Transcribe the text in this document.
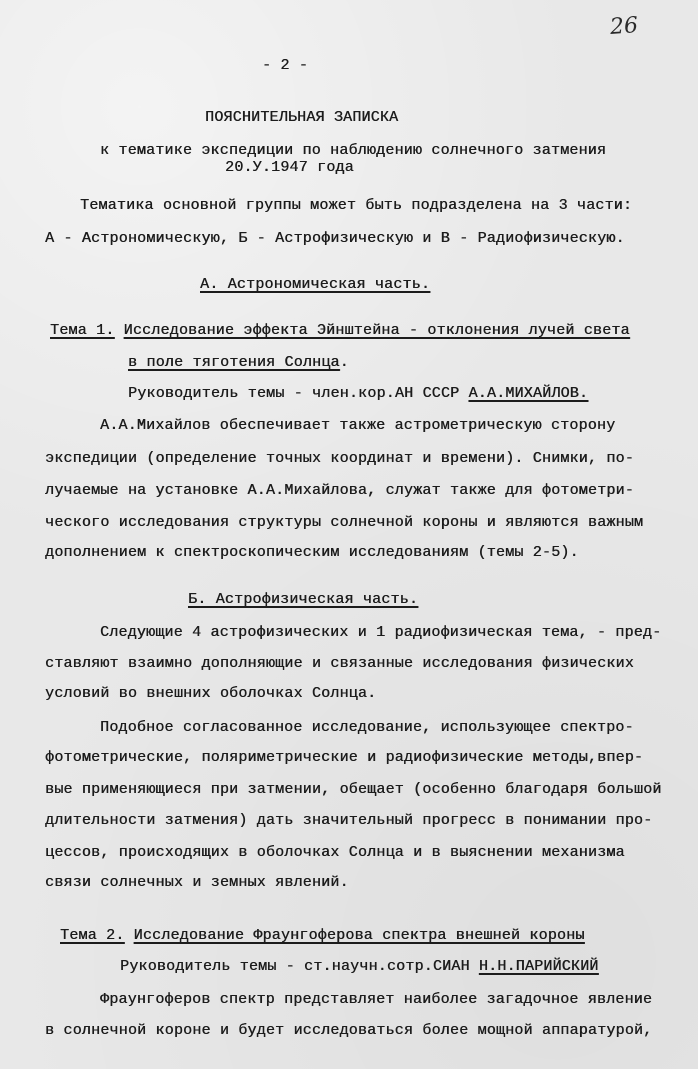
26
- 2 -
ПОЯСНИТЕЛЬНАЯ ЗАПИСКА
к тематике экспедиции по наблюдению солнечного затмения
20.У.1947 года
Тематика основной группы может быть подразделена на 3 части:
А - Астрономическую, Б - Астрофизическую и В - Радиофизическую.
А. Астрономическая часть.
Тема 1. Исследование эффекта Эйнштейна - отклонения лучей света
в поле тяготения Солнца.
Руководитель темы - член.кор.АН СССР А.А.МИХАЙЛОВ.
А.А.Михайлов обеспечивает также астрометрическую сторону
экспедиции (определение точных координат и времени). Снимки, по-
лучаемые на установке А.А.Михайлова, служат также для фотометри-
ческого исследования структуры солнечной короны и являются важным
дополнением к спектроскопическим исследованиям (темы 2-5).
Б. Астрофизическая часть.
Следующие 4 астрофизических и 1 радиофизическая тема, - пред-
ставляют взаимно дополняющие и связанные исследования физических
условий во внешних оболочках Солнца.
Подобное согласованное исследование, использующее спектро-
фотометрические, поляриметрические и радиофизические методы,впер-
вые применяющиеся при затмении, обещает (особенно благодаря большой
длительности затмения) дать значительный прогресс в понимании про-
цессов, происходящих в оболочках Солнца и в выяснении механизма
связи солнечных и земных явлений.
Тема 2. Исследование Фраунгоферова спектра внешней короны
Руководитель темы - ст.научн.сотр.СИАН Н.Н.ПАРИЙСКИЙ
Фраунгоферов спектр представляет наиболее загадочное явление
в солнечной короне и будет исследоваться более мощной аппаратурой,
